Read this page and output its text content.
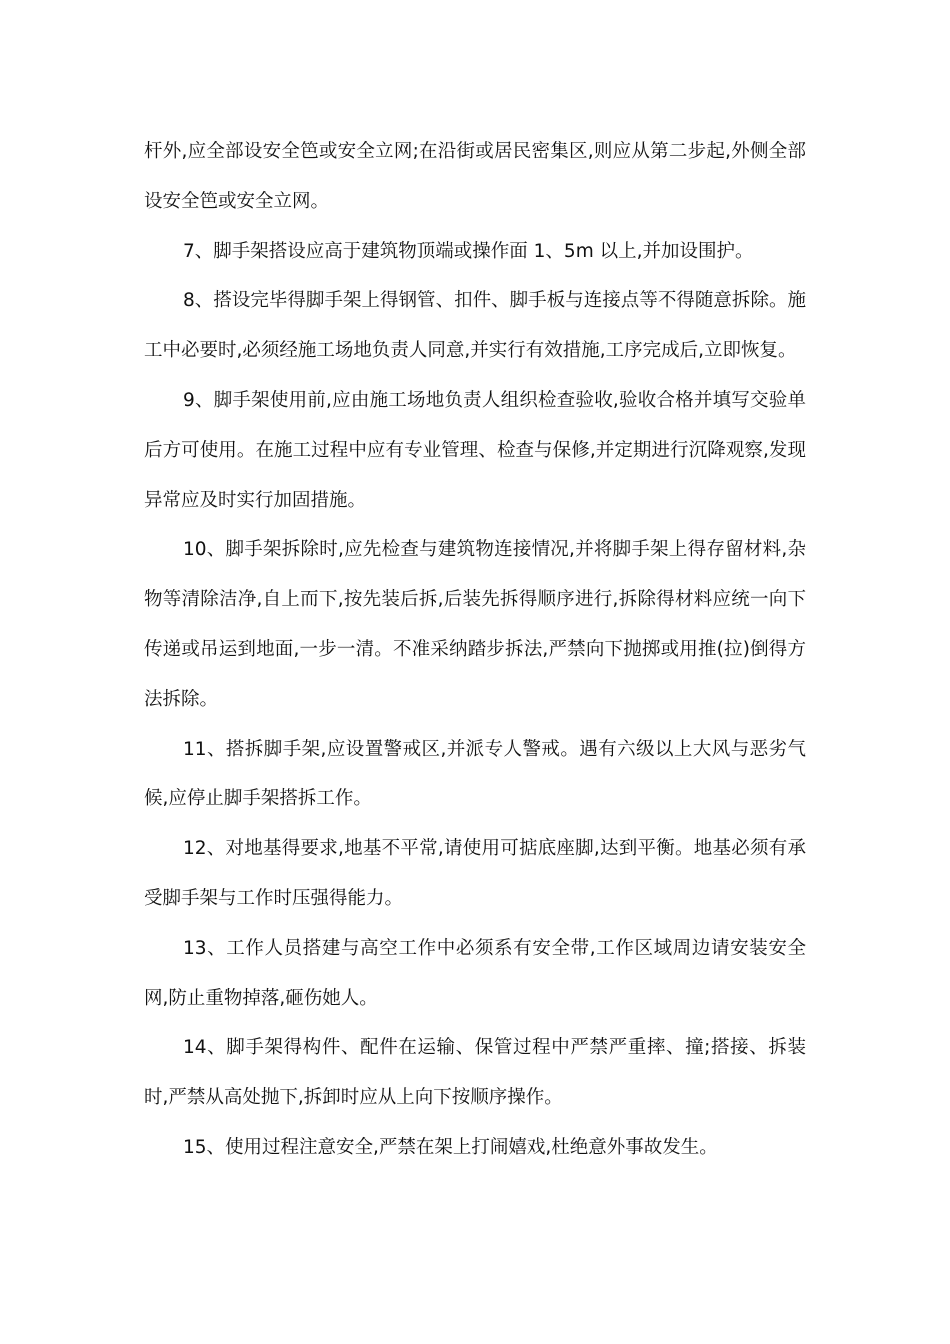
杆外,应全部设安全笆或安全立网;在沿街或居民密集区,则应从第二步起,外侧全部设安全笆或安全立网。

7、脚手架搭设应高于建筑物顶端或操作面 1、5m 以上,并加设围护。

8、搭设完毕得脚手架上得钢管、扣件、脚手板与连接点等不得随意拆除。施工中必要时,必须经施工场地负责人同意,并实行有效措施,工序完成后,立即恢复。

9、脚手架使用前,应由施工场地负责人组织检查验收,验收合格并填写交验单后方可使用。在施工过程中应有专业管理、检查与保修,并定期进行沉降观察,发现异常应及时实行加固措施。

10、脚手架拆除时,应先检查与建筑物连接情况,并将脚手架上得存留材料,杂物等清除洁净,自上而下,按先装后拆,后装先拆得顺序进行,拆除得材料应统一向下传递或吊运到地面,一步一清。不准采纳踏步拆法,严禁向下抛掷或用推(拉)倒得方法拆除。

11、搭拆脚手架,应设置警戒区,并派专人警戒。遇有六级以上大风与恶劣气候,应停止脚手架搭拆工作。

12、对地基得要求,地基不平常,请使用可掂底座脚,达到平衡。地基必须有承受脚手架与工作时压强得能力。

13、工作人员搭建与高空工作中必须系有安全带,工作区域周边请安装安全网,防止重物掉落,砸伤她人。

14、脚手架得构件、配件在运输、保管过程中严禁严重摔、撞;搭接、拆装时,严禁从高处抛下,拆卸时应从上向下按顺序操作。

15、使用过程注意安全,严禁在架上打闹嬉戏,杜绝意外事故发生。
